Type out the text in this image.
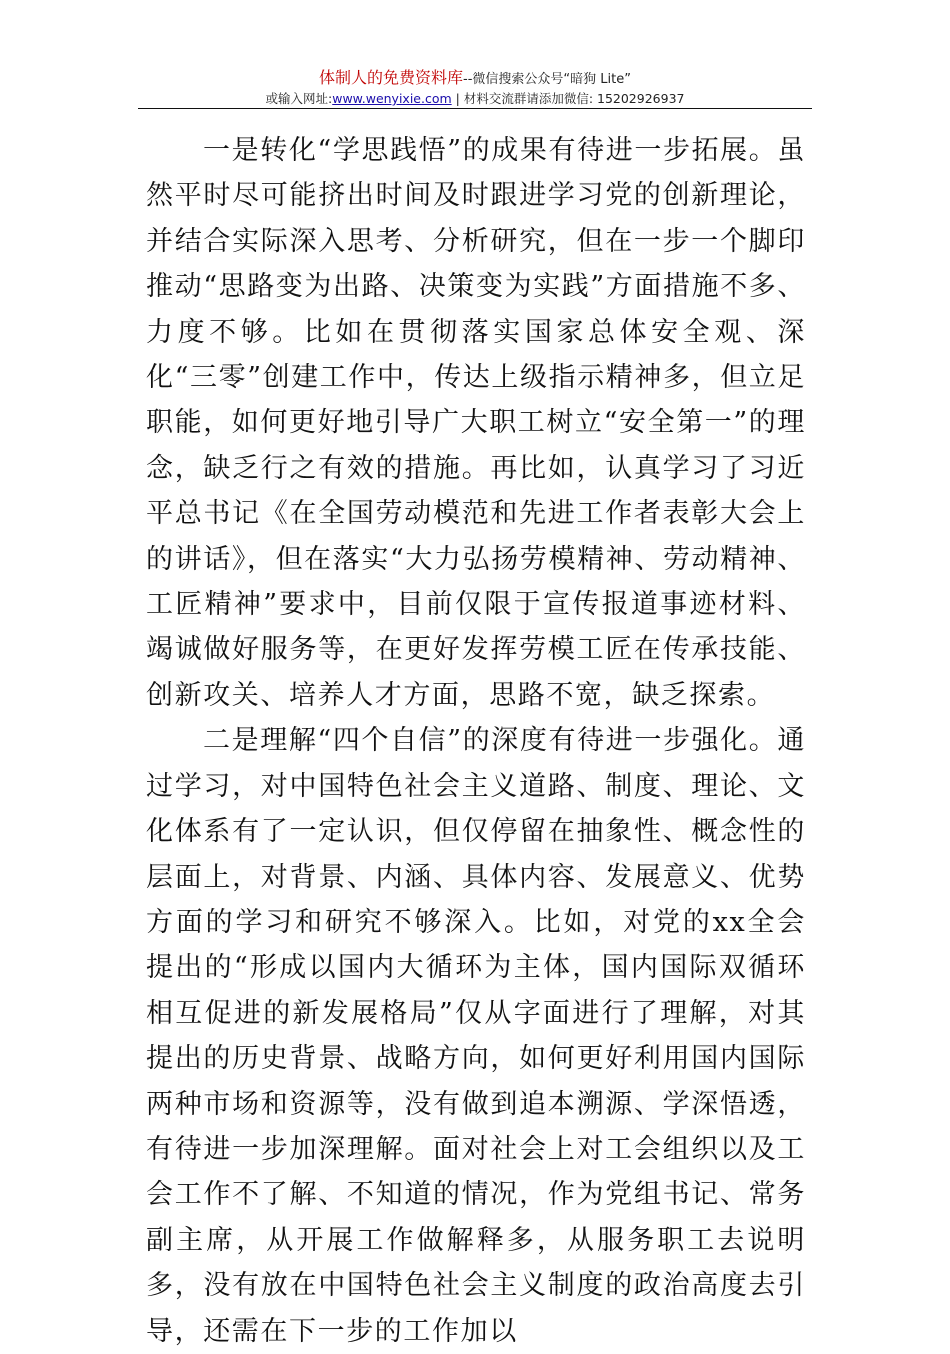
体制人的免费资料库--微信搜索公众号“暗狗 Lite”
或输入网址:www.wenyixie.com | 材料交流群请添加微信: 15202926937

一是转化“学思践悟”的成果有待进一步拓展。虽然平时尽可能挤出时间及时跟进学习党的创新理论，并结合实际深入思考、分析研究，但在一步一个脚印推动“思路变为出路、决策变为实践”方面措施不多、力度不够。比如在贯彻落实国家总体安全观、深化“三零”创建工作中，传达上级指示精神多，但立足职能，如何更好地引导广大职工树立“安全第一”的理念，缺乏行之有效的措施。再比如，认真学习了习近平总书记《在全国劳动模范和先进工作者表彰大会上的讲话》，但在落实“大力弘扬劳模精神、劳动精神、工匠精神”要求中，目前仅限于宣传报道事迹材料、竭诚做好服务等，在更好发挥劳模工匠在传承技能、创新攻关、培养人才方面，思路不宽，缺乏探索。

二是理解“四个自信”的深度有待进一步强化。通过学习，对中国特色社会主义道路、制度、理论、文化体系有了一定认识，但仅停留在抽象性、概念性的层面上，对背景、内涵、具体内容、发展意义、优势方面的学习和研究不够深入。比如，对党的xx全会提出的“形成以国内大循环为主体，国内国际双循环相互促进的新发展格局”仅从字面进行了理解，对其提出的历史背景、战略方向，如何更好利用国内国际两种市场和资源等，没有做到追本溯源、学深悟透，有待进一步加深理解。面对社会上对工会组织以及工会工作不了解、不知道的情况，作为党组书记、常务副主席，从开展工作做解释多，从服务职工去说明多，没有放在中国特色社会主义制度的政治高度去引导，还需在下一步的工作加以
